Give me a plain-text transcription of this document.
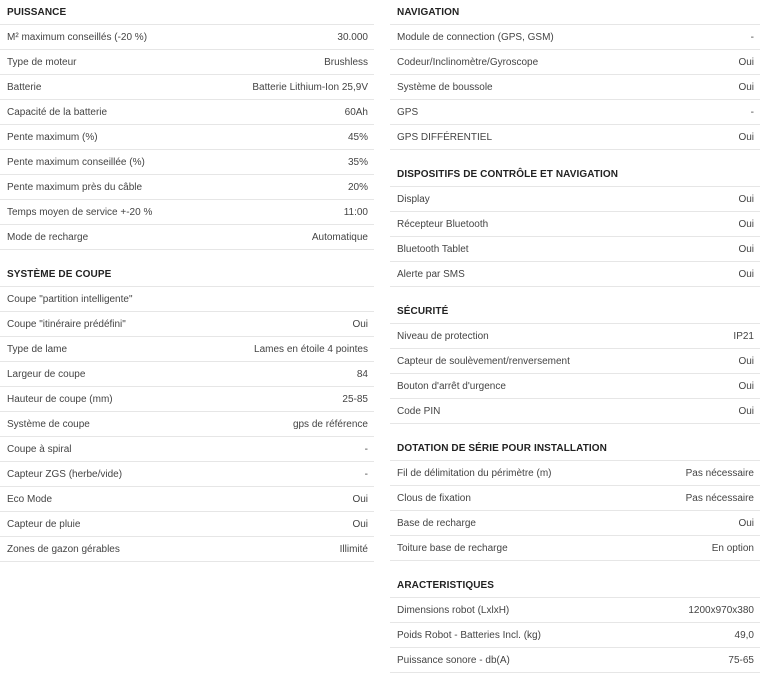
PUISSANCE
M² maximum conseillés (-20 %)	30.000
Type de moteur	Brushless
Batterie	Batterie Lithium-Ion 25,9V
Capacité de la batterie	60Ah
Pente maximum (%)	45%
Pente maximum conseillée (%)	35%
Pente maximum près du câble	20%
Temps moyen de service +-20 %	11:00
Mode de recharge	Automatique
SYSTÈME DE COUPE
Coupe "partition intelligente"
Coupe "itinéraire prédéfini"	Oui
Type de lame	Lames en étoile 4 pointes
Largeur de coupe	84
Hauteur de coupe (mm)	25-85
Système de coupe	gps de référence
Coupe à spiral	-
Capteur ZGS (herbe/vide)	-
Eco Mode	Oui
Capteur de pluie	Oui
Zones de gazon gérables	Illimité
NAVIGATION
Module de connection (GPS, GSM)	-
Codeur/Inclinomètre/Gyroscope	Oui
Système de boussole	Oui
GPS	-
GPS DIFFÉRENTIEL	Oui
DISPOSITIFS DE CONTRÔLE ET NAVIGATION
Display	Oui
Récepteur Bluetooth	Oui
Bluetooth Tablet	Oui
Alerte par SMS	Oui
SÉCURITÉ
Niveau de protection	IP21
Capteur de soulèvement/renversement	Oui
Bouton d'arrêt d'urgence	Oui
Code PIN	Oui
DOTATION DE SÉRIE POUR INSTALLATION
Fil de délimitation du périmètre (m)	Pas nécessaire
Clous de fixation	Pas nécessaire
Base de recharge	Oui
Toiture base de recharge	En option
ARACTERISTIQUES
Dimensions robot (LxlxH)	1200x970x380
Poids Robot - Batteries Incl. (kg)	49,0
Puissance sonore - db(A)	75-65
